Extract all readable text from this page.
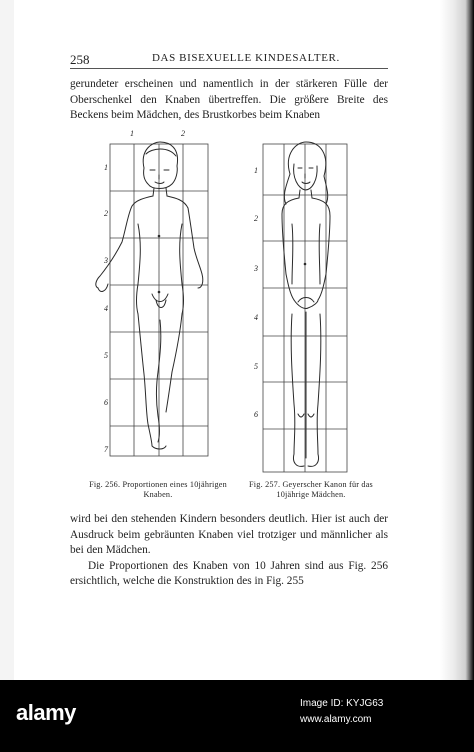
258	DAS BISEXUELLE KINDESALTER.

gerundeter erscheinen und namentlich in der stärkeren Fülle der Oberschenkel den Knaben übertreffen. Die größere Breite des Beckens beim Mädchen, des Brustkorbes beim Knaben

1	2
1
2
3
4
5
6
7
1
2
3
4
5
6
Fig. 256. Proportionen eines 10jährigen Knaben.
Fig. 257. Geyerscher Kanon für das 10jährige Mädchen.
wird bei den stehenden Kindern besonders deutlich. Hier ist auch der Ausdruck beim gebräunten Knaben viel trotziger und männlicher als bei den Mädchen.
Die Proportionen des Knaben von 10 Jahren sind aus Fig. 256 ersichtlich, welche die Konstruktion des in Fig. 255
alamy	Image ID: KYJG63
www.alamy.com
